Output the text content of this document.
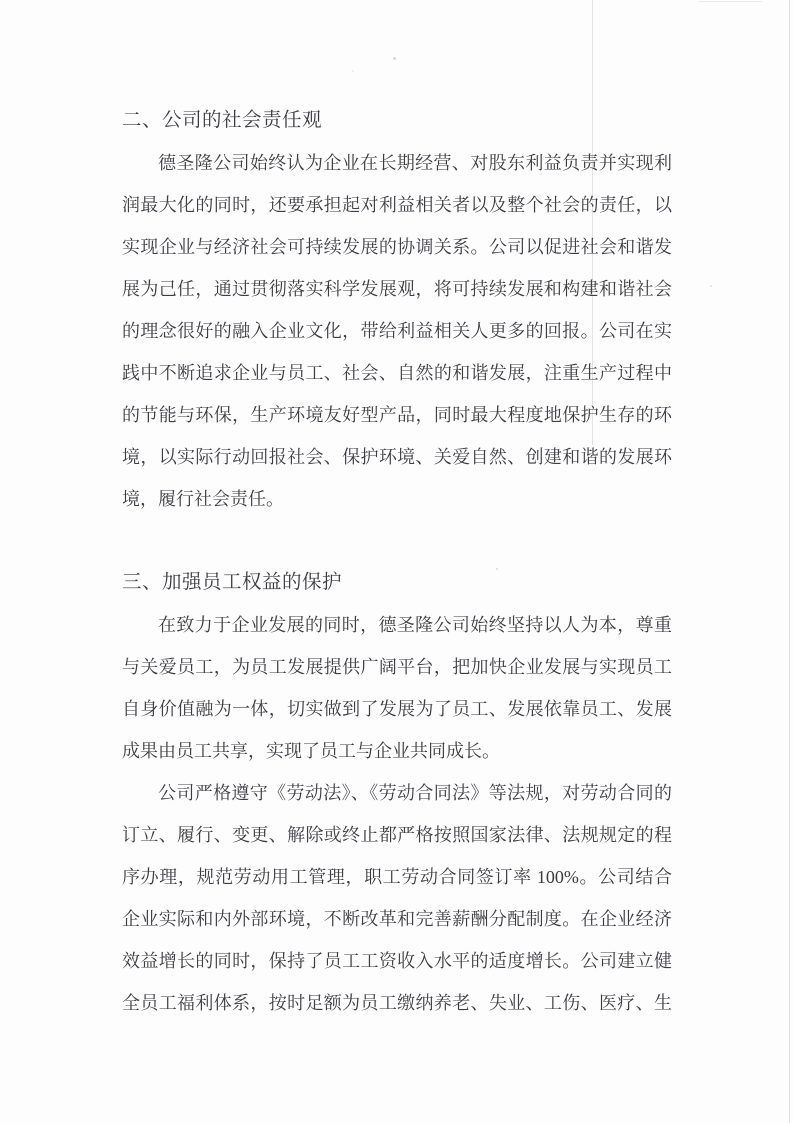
二、公司的社会责任观
德圣隆公司始终认为企业在长期经营、对股东利益负责并实现利
润最大化的同时，还要承担起对利益相关者以及整个社会的责任，以
实现企业与经济社会可持续发展的协调关系。公司以促进社会和谐发
展为己任，通过贯彻落实科学发展观，将可持续发展和构建和谐社会
的理念很好的融入企业文化，带给利益相关人更多的回报。公司在实
践中不断追求企业与员工、社会、自然的和谐发展，注重生产过程中
的节能与环保，生产环境友好型产品，同时最大程度地保护生存的环
境，以实际行动回报社会、保护环境、关爱自然、创建和谐的发展环
境，履行社会责任。
三、加强员工权益的保护
在致力于企业发展的同时，德圣隆公司始终坚持以人为本，尊重
与关爱员工，为员工发展提供广阔平台，把加快企业发展与实现员工
自身价值融为一体，切实做到了发展为了员工、发展依靠员工、发展
成果由员工共享，实现了员工与企业共同成长。
公司严格遵守《劳动法》、《劳动合同法》等法规，对劳动合同的
订立、履行、变更、解除或终止都严格按照国家法律、法规规定的程
序办理，规范劳动用工管理，职工劳动合同签订率 100%。公司结合
企业实际和内外部环境，不断改革和完善薪酬分配制度。在企业经济
效益增长的同时，保持了员工工资收入水平的适度增长。公司建立健
全员工福利体系，按时足额为员工缴纳养老、失业、工伤、医疗、生
